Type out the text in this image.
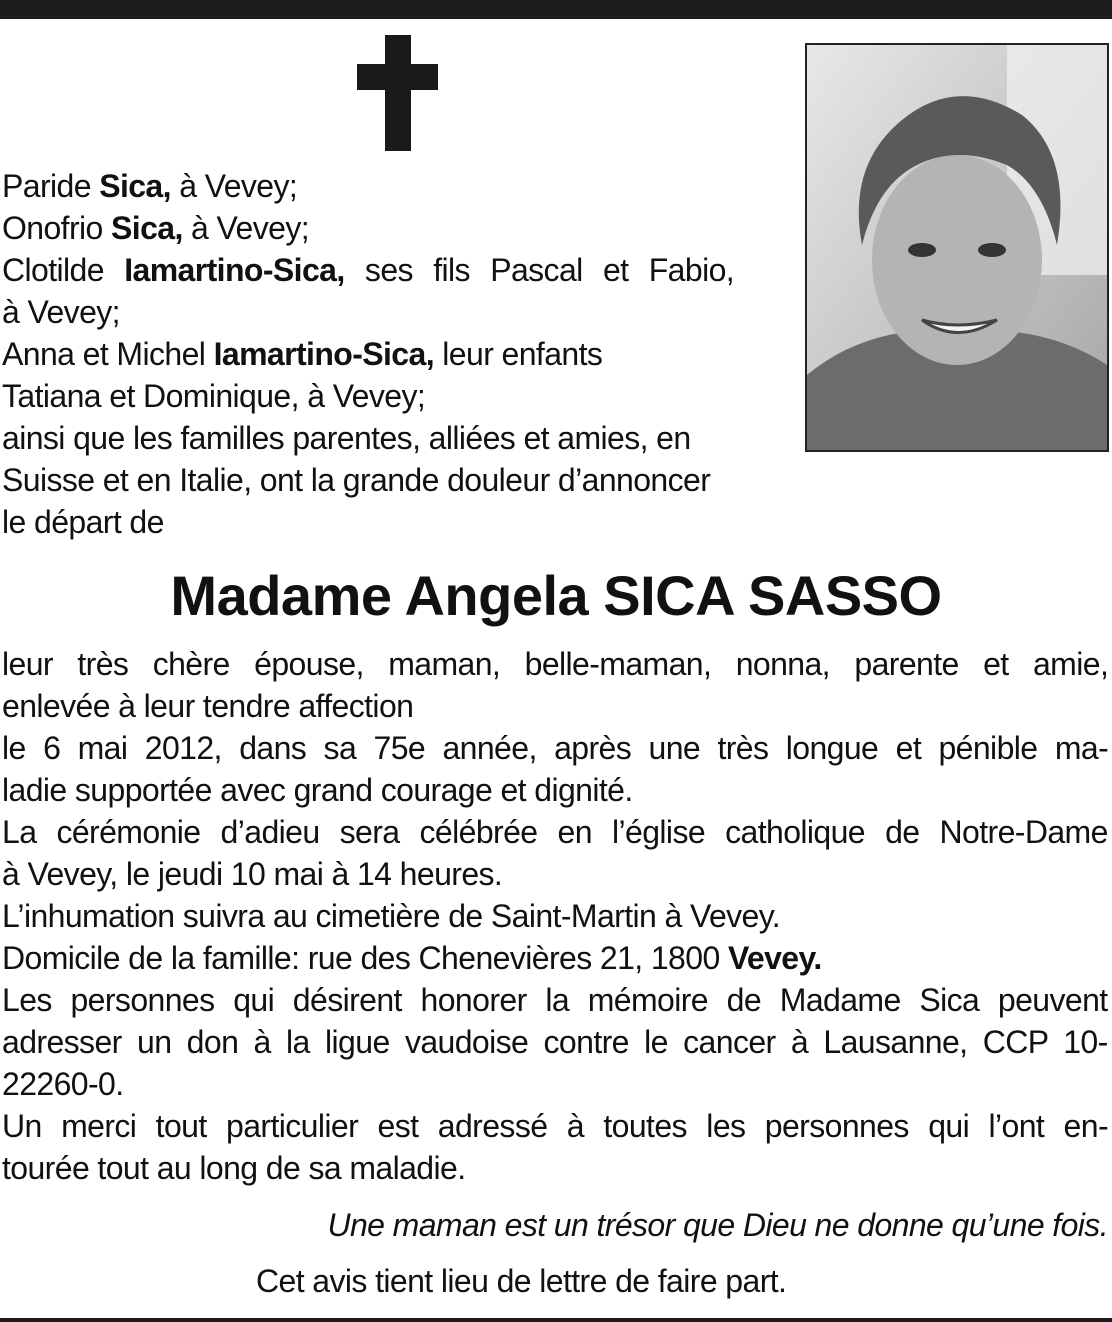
Paride Sica, à Vevey;
Onofrio Sica, à Vevey;
Clotilde Iamartino-Sica, ses fils Pascal et Fabio,
à Vevey;
Anna et Michel Iamartino-Sica, leur enfants
Tatiana et Dominique, à Vevey;
ainsi que les familles parentes, alliées et amies, en
Suisse et en Italie, ont la grande douleur d’annoncer
le départ de
Madame Angela SICA SASSO
leur très chère épouse, maman, belle-maman, nonna, parente et amie,
enlevée à leur tendre affection
le 6 mai 2012, dans sa 75e année, après une très longue et pénible ma-
ladie supportée avec grand courage et dignité.
La cérémonie d’adieu sera célébrée en l’église catholique de Notre-Dame
à Vevey, le jeudi 10 mai à 14 heures.
L’inhumation suivra au cimetière de Saint-Martin à Vevey.
Domicile de la famille: rue des Chenevières 21, 1800 Vevey.
Les personnes qui désirent honorer la mémoire de Madame Sica peuvent
adresser un don à la ligue vaudoise contre le cancer à Lausanne, CCP 10-
22260-0.
Un merci tout particulier est adressé à toutes les personnes qui l’ont en-
tourée tout au long de sa maladie.
Une maman est un trésor que Dieu ne donne qu’une fois.
Cet avis tient lieu de lettre de faire part.
